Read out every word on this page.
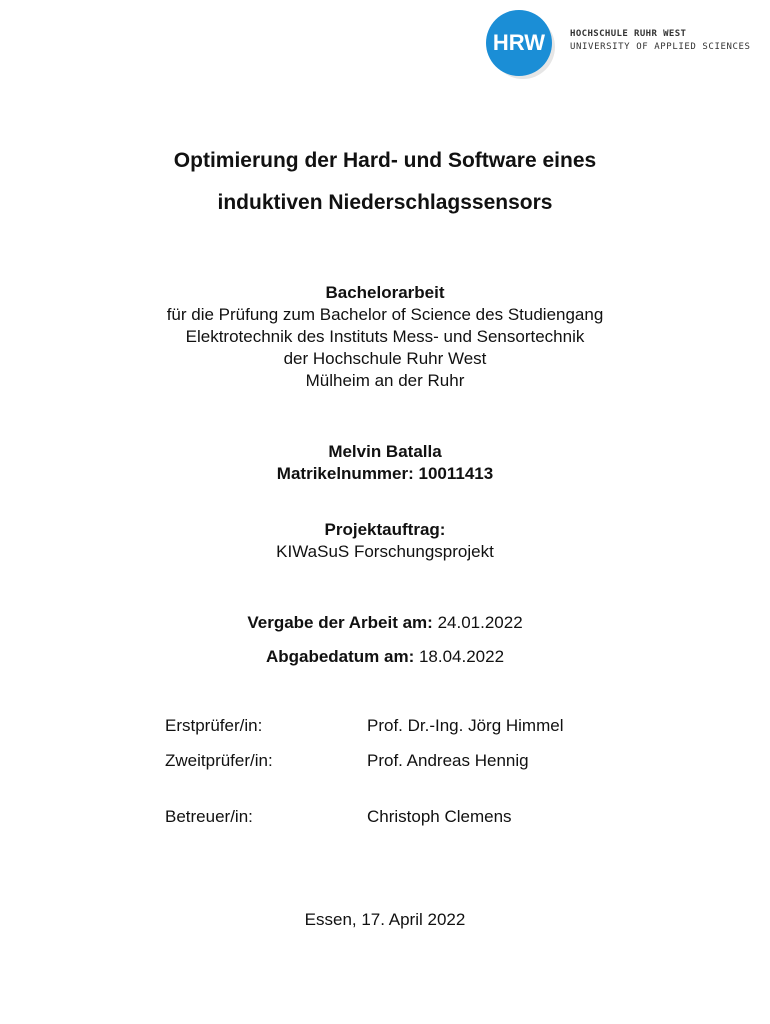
HRW	HOCHSCHULE RUHR WEST
UNIVERSITY OF APPLIED SCIENCES
Optimierung der Hard- und Software eines
induktiven Niederschlagssensors
Bachelorarbeit
für die Prüfung zum Bachelor of Science des Studiengang
Elektrotechnik des Instituts Mess- und Sensortechnik
der Hochschule Ruhr West
Mülheim an der Ruhr
Melvin Batalla
Matrikelnummer: 10011413
Projektauftrag:
KIWaSuS Forschungsprojekt
Vergabe der Arbeit am: 24.01.2022
Abgabedatum am: 18.04.2022
Erstprüfer/in:	Prof. Dr.-Ing. Jörg Himmel
Zweitprüfer/in:	Prof. Andreas Hennig
Betreuer/in:	Christoph Clemens
Essen, 17. April 2022
